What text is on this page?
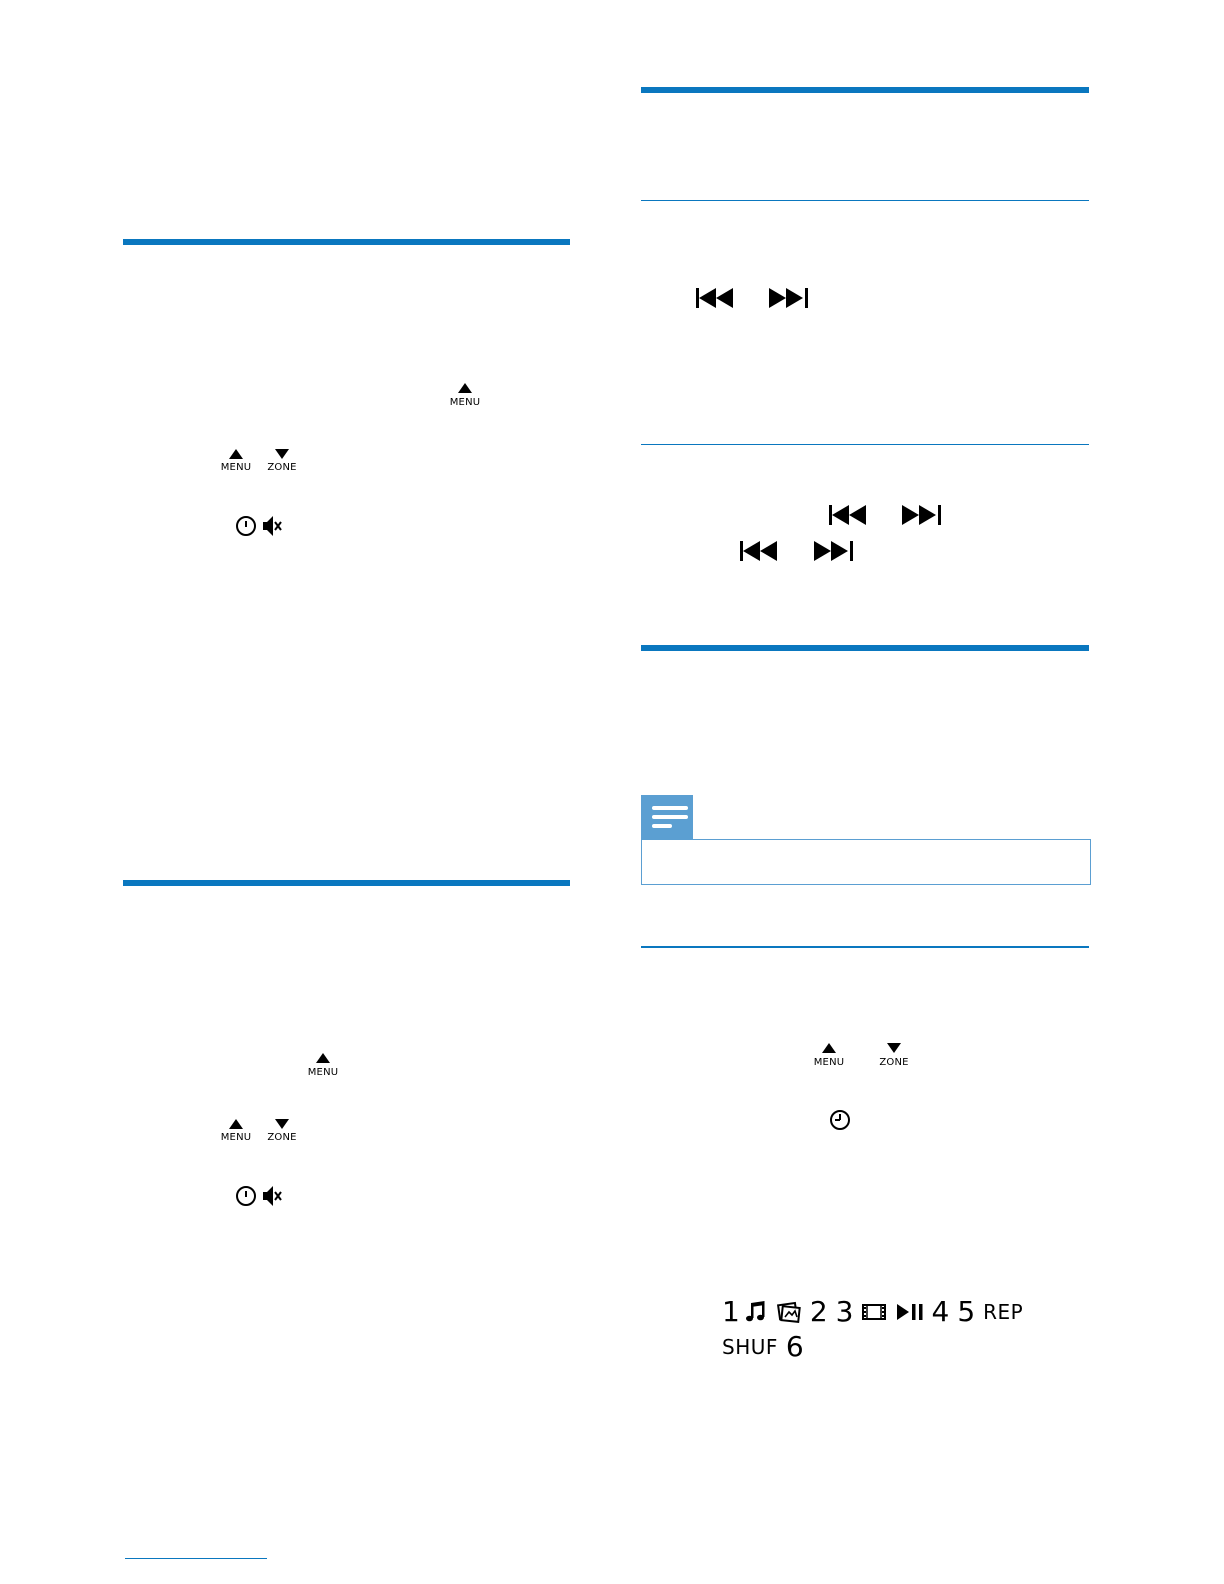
MENU
MENU	ZONE
MENU
MENU	ZONE
MENU	ZONE
1	2 3	4 5 REP
SHUF 6
